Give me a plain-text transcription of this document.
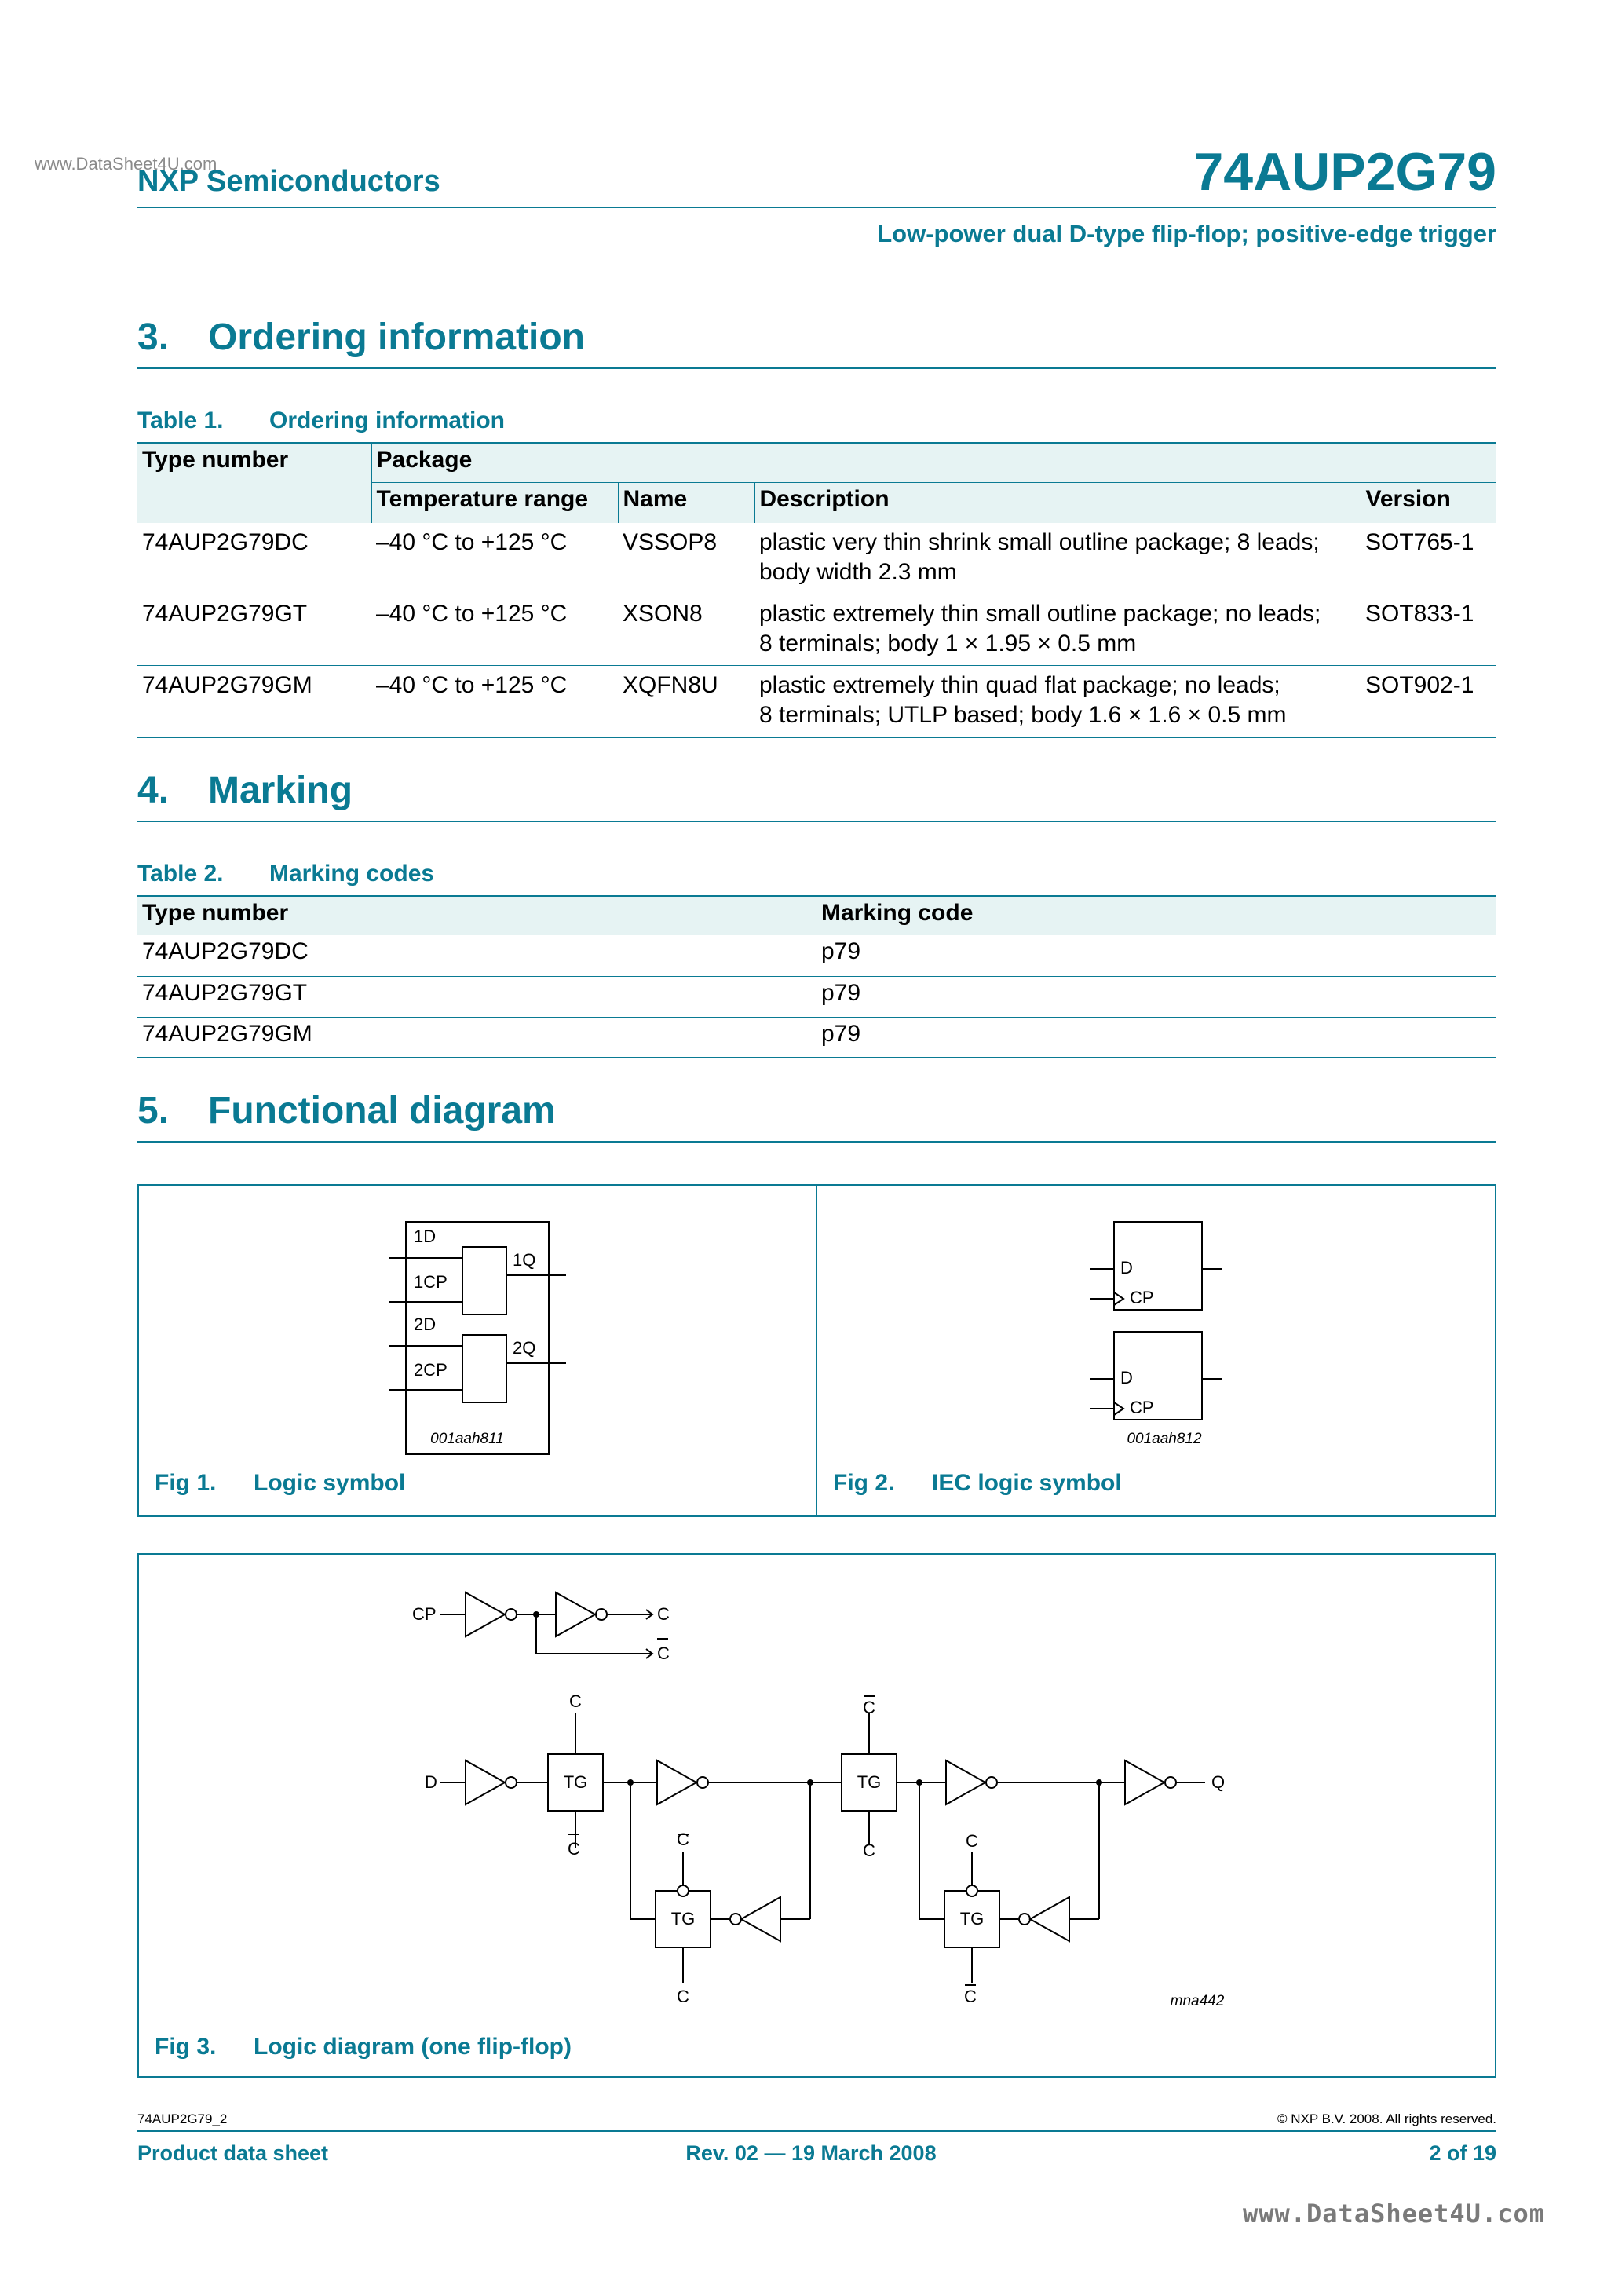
www.DataSheet4U.com
NXP Semiconductors	74AUP2G79
Low-power dual D-type flip-flop; positive-edge trigger
3. Ordering information
Table 1. Ordering information
Type number	Package			
	Temperature range	Name	Description	Version
74AUP2G79DC	–40 °C to +125 °C	VSSOP8	plastic very thin shrink small outline package; 8 leads;
body width 2.3 mm	SOT765-1
74AUP2G79GT	–40 °C to +125 °C	XSON8	plastic extremely thin small outline package; no leads;
8 terminals; body 1 × 1.95 × 0.5 mm	SOT833-1
74AUP2G79GM	–40 °C to +125 °C	XQFN8U	plastic extremely thin quad flat package; no leads;
8 terminals; UTLP based; body 1.6 × 1.6 × 0.5 mm	SOT902-1
4. Marking
Table 2. Marking codes
Type number	Marking code
74AUP2G79DC	p79
74AUP2G79GT	p79
74AUP2G79GM	p79
5. Functional diagram
1D
1CP
1Q
2D
2CP
2Q
001aah811
Fig 1. Logic symbol
D
CP
D
CP
001aah812
Fig 2. IEC logic symbol
CP	C
C
D
C
TG
C	C
TG
C
C
TG
C	C
TG
C
Q
mna442
Fig 3. Logic diagram (one flip-flop)
74AUP2G79_2	© NXP B.V. 2008. All rights reserved.
Product data sheet	Rev. 02 — 19 March 2008	2 of 19
www.DataSheet4U.com
